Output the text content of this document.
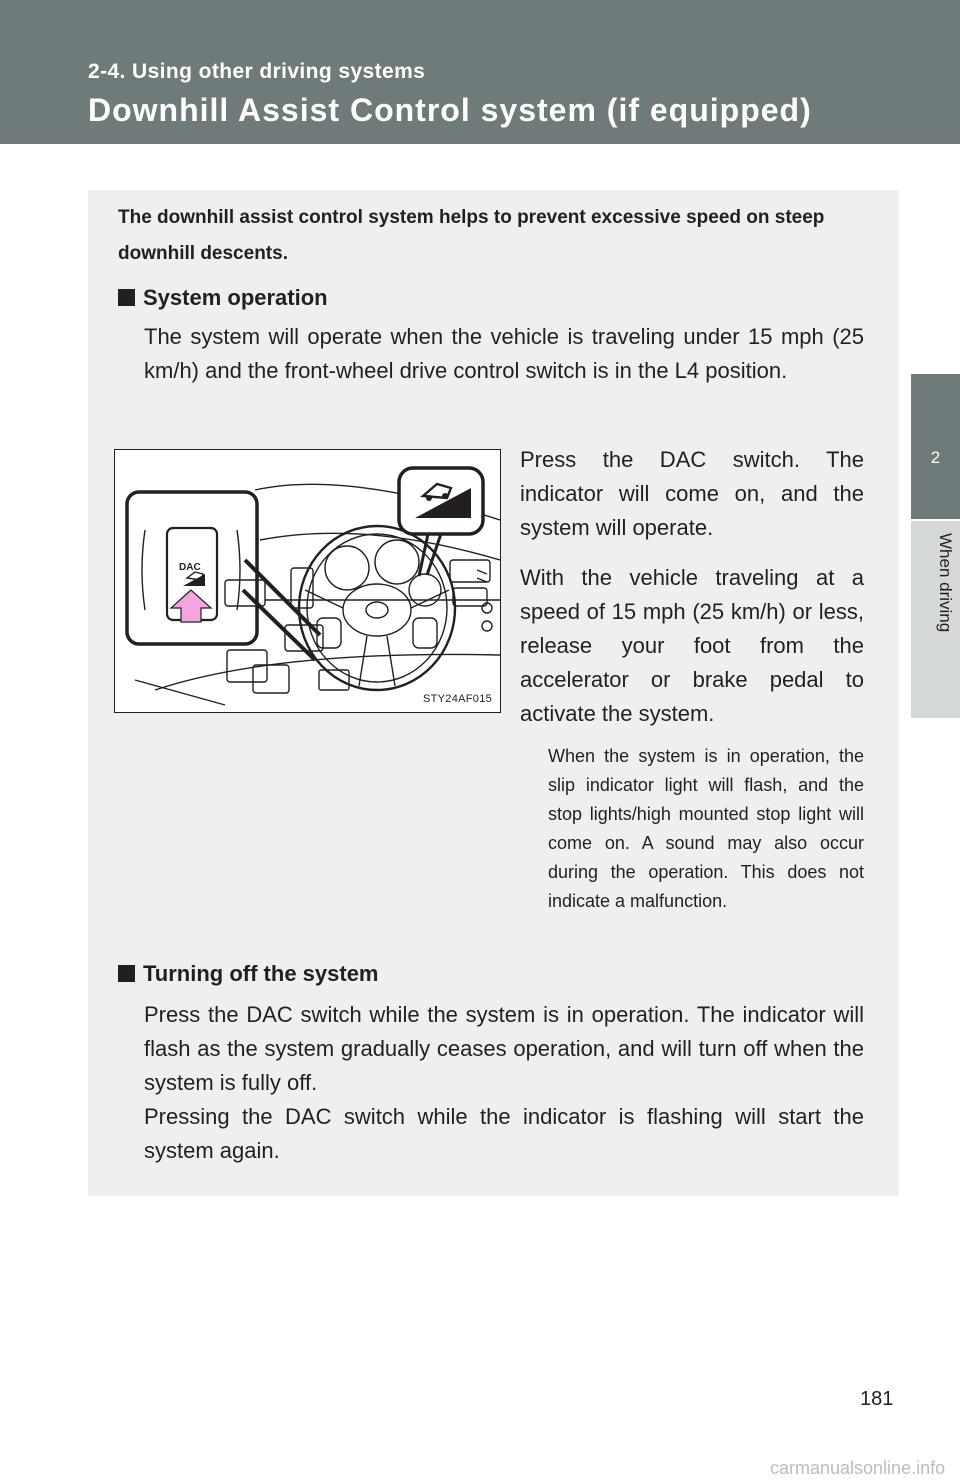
2-4. Using other driving systems
Downhill Assist Control system (if equipped)
2
When driving

The downhill assist control system helps to prevent excessive speed on steep downhill descents.

System operation

The system will operate when the vehicle is traveling under 15 mph (25 km/h) and the front-wheel drive control switch is in the L4 position.

DAC
STY24AF015

Press the DAC switch. The indicator will come on, and the system will operate.

With the vehicle traveling at a speed of 15 mph (25 km/h) or less, release your foot from the accelerator or brake pedal to activate the system.

When the system is in operation, the slip indicator light will flash, and the stop lights/high mounted stop light will come on. A sound may also occur during the operation. This does not indicate a malfunction.

Turning off the system

Press the DAC switch while the system is in operation. The indicator will flash as the system gradually ceases operation, and will turn off when the system is fully off.

Pressing the DAC switch while the indicator is flashing will start the system again.

181
carmanualsonline.info
